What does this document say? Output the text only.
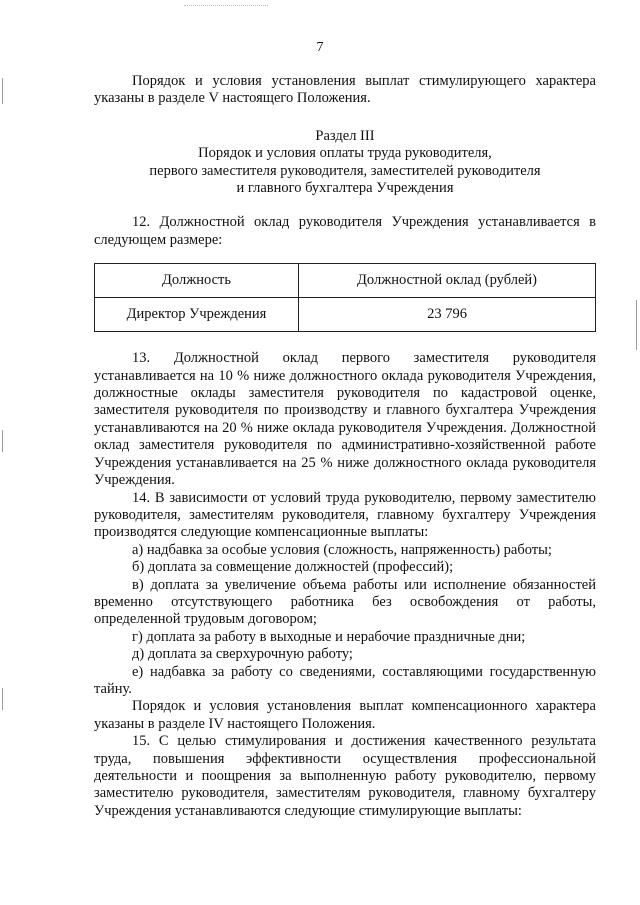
7

Порядок и условия установления выплат стимулирующего характера указаны в разделе V настоящего Положения.

Раздел III

Порядок и условия оплаты труда руководителя,

первого заместителя руководителя, заместителей руководителя

и главного бухгалтера Учреждения

12. Должностной оклад руководителя Учреждения устанавливается в следующем размере:

Должность	Должностной оклад (рублей)
Директор Учреждения	23 796

13. Должностной оклад первого заместителя руководителя устанавливается на 10 % ниже должностного оклада руководителя Учреждения, должностные оклады заместителя руководителя по кадастровой оценке, заместителя руководителя по производству и главного бухгалтера Учреждения устанавливаются на 20 % ниже оклада руководителя Учреждения. Должностной оклад заместителя руководителя по административно-хозяйственной работе Учреждения устанавливается на 25 % ниже должностного оклада руководителя Учреждения.

14. В зависимости от условий труда руководителю, первому заместителю руководителя, заместителям руководителя, главному бухгалтеру Учреждения производятся следующие компенсационные выплаты:

а) надбавка за особые условия (сложность, напряженность) работы;

б) доплата за совмещение должностей (профессий);

в) доплата за увеличение объема работы или исполнение обязанностей временно отсутствующего работника без освобождения от работы, определенной трудовым договором;

г) доплата за работу в выходные и нерабочие праздничные дни;

д) доплата за сверхурочную работу;

е) надбавка за работу со сведениями, составляющими государственную тайну.

Порядок и условия установления выплат компенсационного характера указаны в разделе IV настоящего Положения.

15. С целью стимулирования и достижения качественного результата труда, повышения эффективности осуществления профессиональной деятельности и поощрения за выполненную работу руководителю, первому заместителю руководителя, заместителям руководителя, главному бухгалтеру Учреждения устанавливаются следующие стимулирующие выплаты:
